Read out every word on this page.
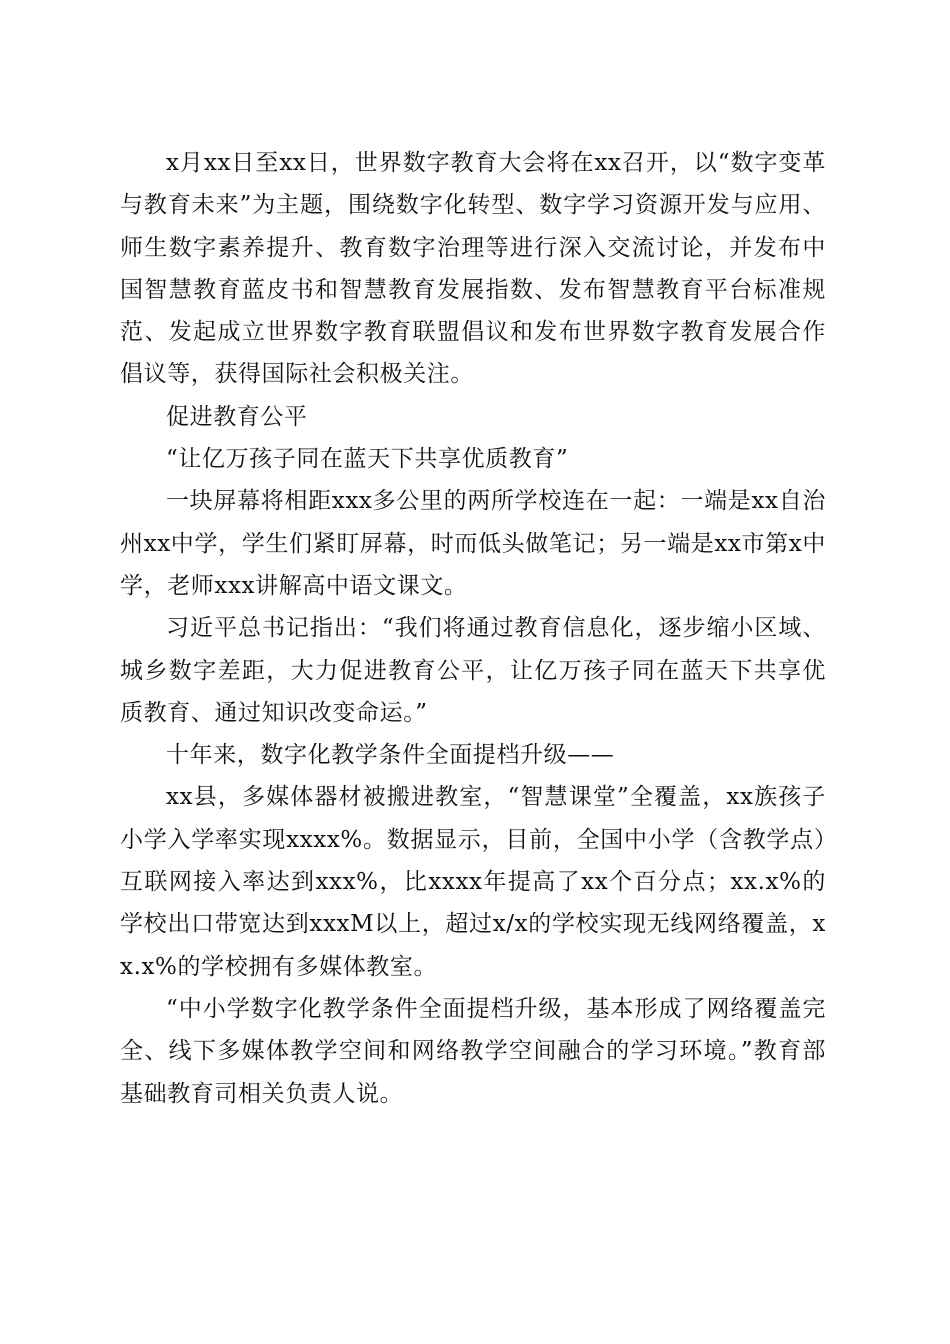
x月xx日至xx日，世界数字教育大会将在xx召开，以“数字变革与教育未来”为主题，围绕数字化转型、数字学习资源开发与应用、师生数字素养提升、教育数字治理等进行深入交流讨论，并发布中国智慧教育蓝皮书和智慧教育发展指数、发布智慧教育平台标准规范、发起成立世界数字教育联盟倡议和发布世界数字教育发展合作倡议等，获得国际社会积极关注。

促进教育公平

“让亿万孩子同在蓝天下共享优质教育”

一块屏幕将相距xxx多公里的两所学校连在一起：一端是xx自治州xx中学，学生们紧盯屏幕，时而低头做笔记；另一端是xx市第x中学，老师xxx讲解高中语文课文。

习近平总书记指出：“我们将通过教育信息化，逐步缩小区域、城乡数字差距，大力促进教育公平，让亿万孩子同在蓝天下共享优质教育、通过知识改变命运。”

十年来，数字化教学条件全面提档升级——

xx县，多媒体器材被搬进教室，“智慧课堂”全覆盖，xx族孩子小学入学率实现xxxx%。数据显示，目前，全国中小学（含教学点）互联网接入率达到xxx%，比xxxx年提高了xx个百分点；xx.x%的学校出口带宽达到xxxM以上，超过x/x的学校实现无线网络覆盖，xx.x%的学校拥有多媒体教室。

“中小学数字化教学条件全面提档升级，基本形成了网络覆盖完全、线下多媒体教学空间和网络教学空间融合的学习环境。”教育部基础教育司相关负责人说。
